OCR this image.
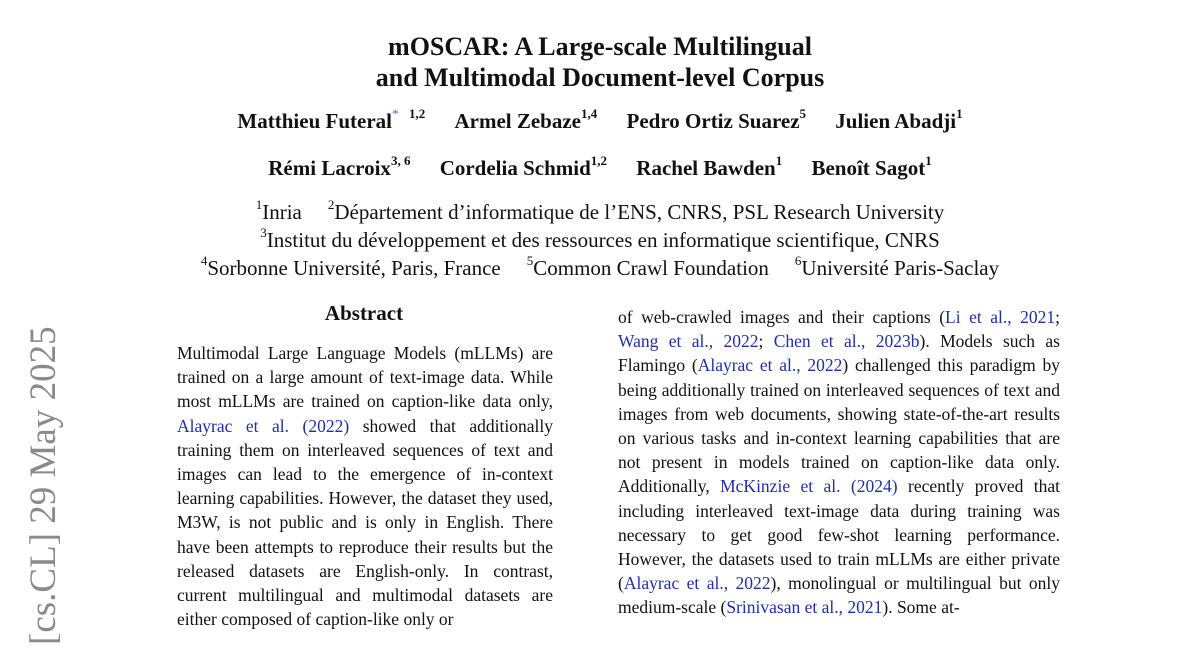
mOSCAR: A Large-scale Multilingual
and Multimodal Document-level Corpus
Matthieu Futeral* $^{1,2}$ Armel Zebaze$^{1,4}$ Pedro Ortiz Suarez$^5$ Julien Abadji$^1$
Rémi Lacroix$^{3, 6}$ Cordelia Schmid$^{1,2}$ Rachel Bawden$^1$ Benoît Sagot$^1$
$^1$Inria $^2$Département d’informatique de l’ENS, CNRS, PSL Research University
$^3$Institut du développement et des ressources en informatique scientifique, CNRS
$^4$Sorbonne Université, Paris, France $^5$Common Crawl Foundation $^6$Université Paris-Saclay
Abstract

Multimodal Large Language Models (mLLMs) are trained on a large amount of text-image data. While most mLLMs are trained on caption-like data only, Alayrac et al. (2022) showed that additionally training them on interleaved sequences of text and images can lead to the emergence of in-context learning capabilities. However, the dataset they used, M3W, is not public and is only in English. There have been attempts to reproduce their results but the released datasets are English-only. In contrast, current multilingual and multimodal datasets are either composed of caption-like only or

of web-crawled images and their captions (Li et al., 2021; Wang et al., 2022; Chen et al., 2023b). Models such as Flamingo (Alayrac et al., 2022) challenged this paradigm by being additionally trained on interleaved sequences of text and images from web documents, showing state-of-the-art results on various tasks and in-context learning capabilities that are not present in models trained on caption-like data only. Additionally, McKinzie et al. (2024) recently proved that including interleaved text-image data during training was necessary to get good few-shot learning performance. However, the datasets used to train mLLMs are either private (Alayrac et al., 2022), monolingual or multilingual but only medium-scale (Srinivasan et al., 2021). Some at-

[cs.CL] 29 May 2025
